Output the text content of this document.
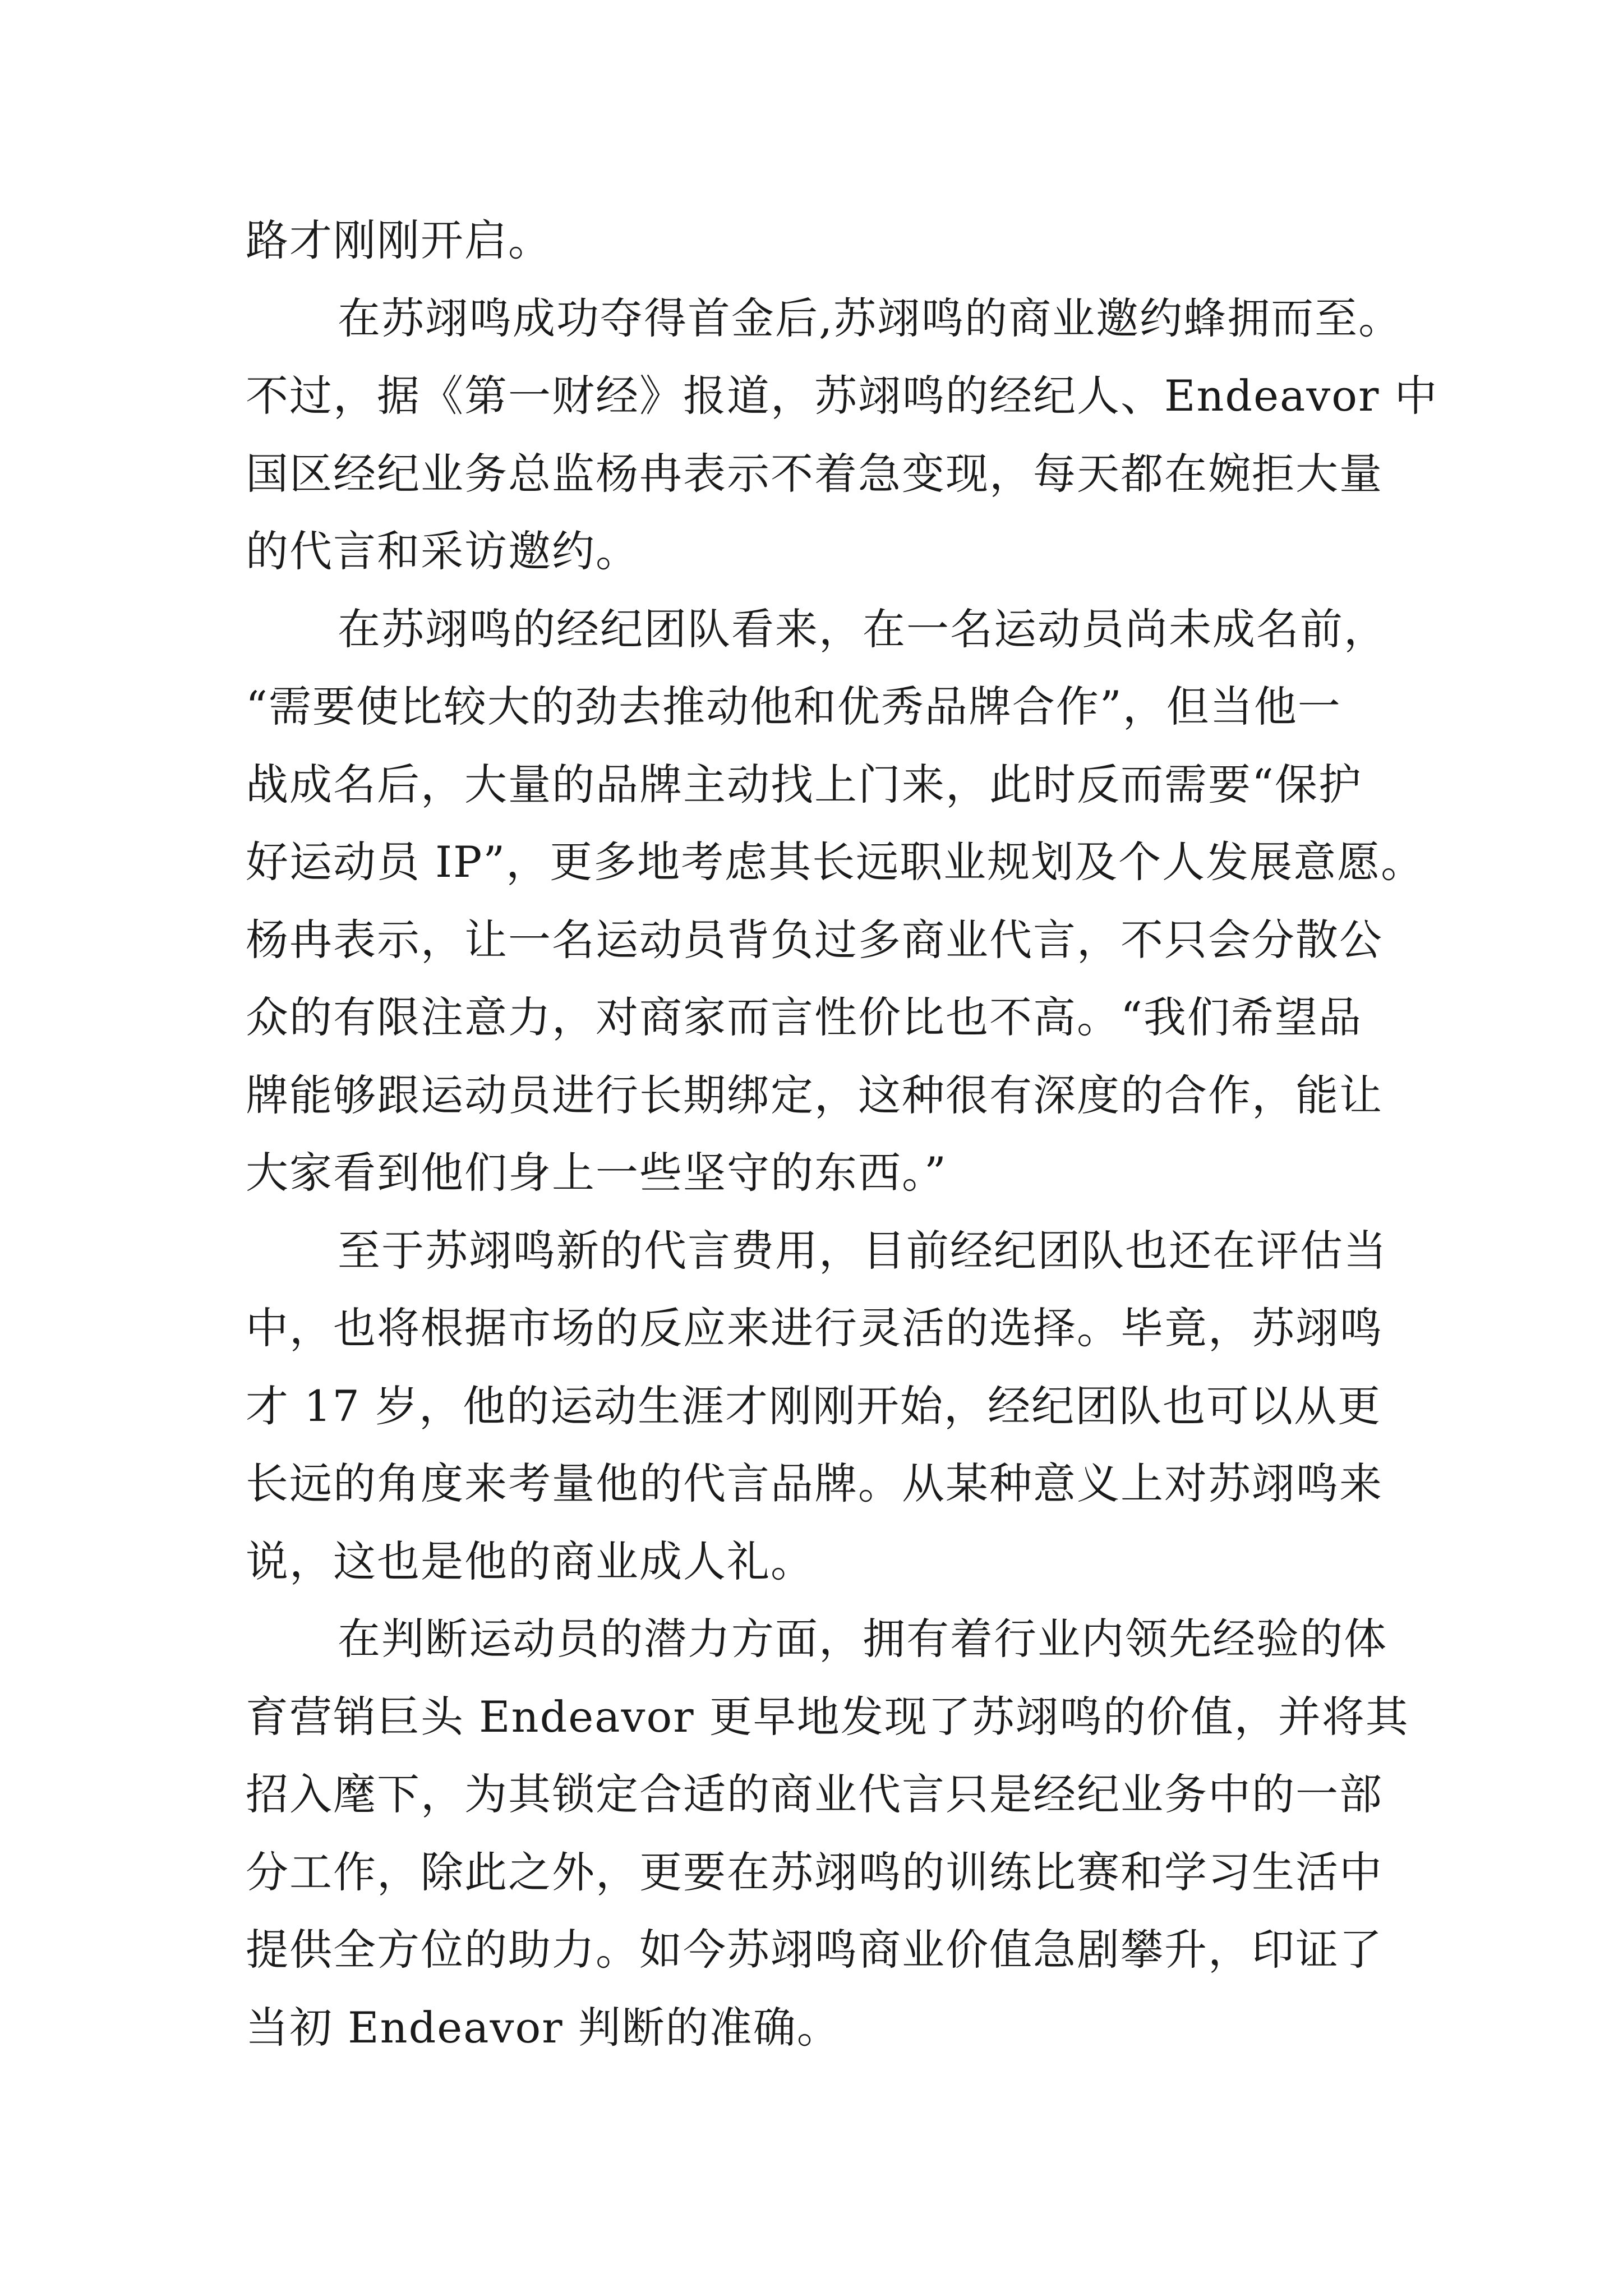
路才刚刚开启。
在苏翊鸣成功夺得首金后,苏翊鸣的商业邀约蜂拥而至。
不过，据《第一财经》报道，苏翊鸣的经纪人、Endeavor 中
国区经纪业务总监杨冉表示不着急变现，每天都在婉拒大量
的代言和采访邀约。
在苏翊鸣的经纪团队看来，在一名运动员尚未成名前，
“需要使比较大的劲去推动他和优秀品牌合作”，但当他一
战成名后，大量的品牌主动找上门来，此时反而需要“保护
好运动员 IP”，更多地考虑其长远职业规划及个人发展意愿。
杨冉表示，让一名运动员背负过多商业代言，不只会分散公
众的有限注意力，对商家而言性价比也不高。“我们希望品
牌能够跟运动员进行长期绑定，这种很有深度的合作，能让
大家看到他们身上一些坚守的东西。”
至于苏翊鸣新的代言费用，目前经纪团队也还在评估当
中，也将根据市场的反应来进行灵活的选择。毕竟，苏翊鸣
才 17 岁，他的运动生涯才刚刚开始，经纪团队也可以从更
长远的角度来考量他的代言品牌。从某种意义上对苏翊鸣来
说，这也是他的商业成人礼。
在判断运动员的潜力方面，拥有着行业内领先经验的体
育营销巨头 Endeavor 更早地发现了苏翊鸣的价值，并将其
招入麾下，为其锁定合适的商业代言只是经纪业务中的一部
分工作，除此之外，更要在苏翊鸣的训练比赛和学习生活中
提供全方位的助力。如今苏翊鸣商业价值急剧攀升，印证了
当初 Endeavor 判断的准确。
